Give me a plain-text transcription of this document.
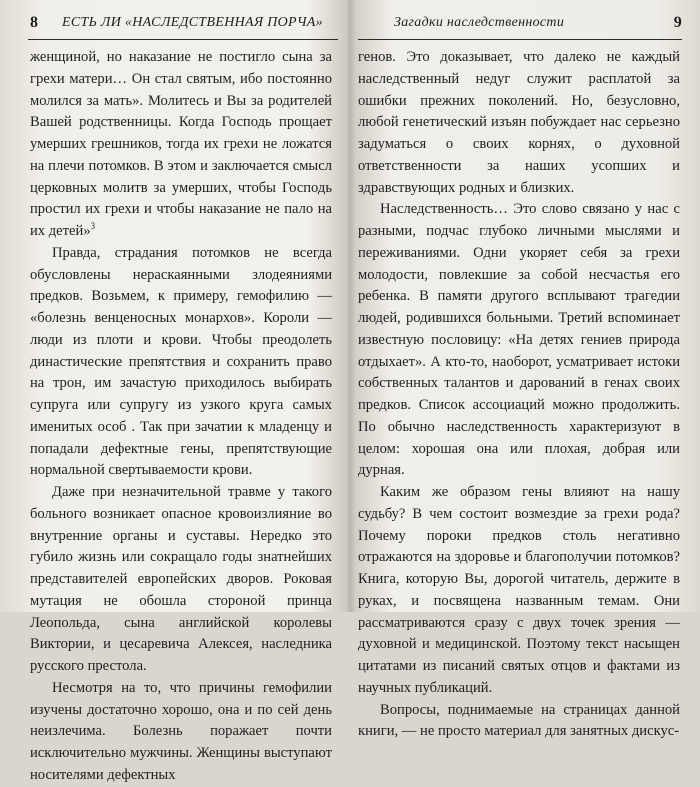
8 ЕСТЬ ЛИ «НАСЛЕДСТВЕННАЯ ПОРЧА»

женщиной, но наказание не постигло сына за грехи матери… Он стал святым, ибо постоянно молился за мать». Молитесь и Вы за родителей Вашей родственницы. Когда Господь прощает умерших грешников, тогда их грехи не ложатся на плечи потомков. В этом и заключается смысл церковных молитв за умерших, чтобы Господь простил их грехи и чтобы наказание не пало на их детей»$^3$

Правда, страдания потомков не всегда обусловлены нераскаянными злодеяниями предков. Возьмем, к примеру, гемофилию — «болезнь венценосных монархов». Короли — люди из плоти и крови. Чтобы преодолеть династические препятствия и сохранить право на трон, им зачастую приходилось выбирать супруга или супругу из узкого круга самых именитых особ . Так при зачатии к младенцу и попадали дефектные гены, препятствующие нормальной свертываемости крови.

Даже при незначительной травме у такого больного возникает опасное кровоизлияние во внутренние органы и суставы. Нередко это губило жизнь или сокращало годы знатнейших представителей европейских дворов. Роковая мутация не обошла стороной принца Леопольда, сына английской королевы Виктории, и цесаревича Алексея, наследника русского престола.

Несмотря на то, что причины гемофилии изучены достаточно хорошо, она и по сей день неизлечима. Болезнь поражает почти исключительно мужчины. Женщины выступают носителями дефектных

Загадки наследственности	9

генов. Это доказывает, что далеко не каждый наследственный недуг служит расплатой за ошибки прежних поколений. Но, безусловно, любой генетический изъян побуждает нас серьезно задуматься о своих корнях, о духовной ответственности за наших усопших и здравствующих родных и близких.

Наследственность… Это слово связано у нас с разными, подчас глубоко личными мыслями и переживаниями. Одни укоряет себя за грехи молодости, повлекшие за собой несчастья его ребенка. В памяти другого всплывают трагедии людей, родившихся больными. Третий вспоминает известную пословицу: «На детях гениев природа отдыхает». А кто-то, наоборот, усматривает истоки собственных талантов и дарований в генах своих предков. Список ассоциаций можно продолжить. По обычно наследственность характеризуют в целом: хорошая она или плохая, добрая или дурная.

Каким же образом гены влияют на нашу судьбу? В чем состоит возмездие за грехи рода? Почему пороки предков столь негативно отражаются на здоровье и благополучии потомков? Книга, которую Вы, дорогой читатель, держите в руках, и посвящена названным темам. Они рассматриваются сразу с двух точек зрения — духовной и медицинской. Поэтому текст насыщен цитатами из писаний святых отцов и фактами из научных публикаций.

Вопросы, поднимаемые на страницах данной книги, — не просто материал для занятных дискус-
